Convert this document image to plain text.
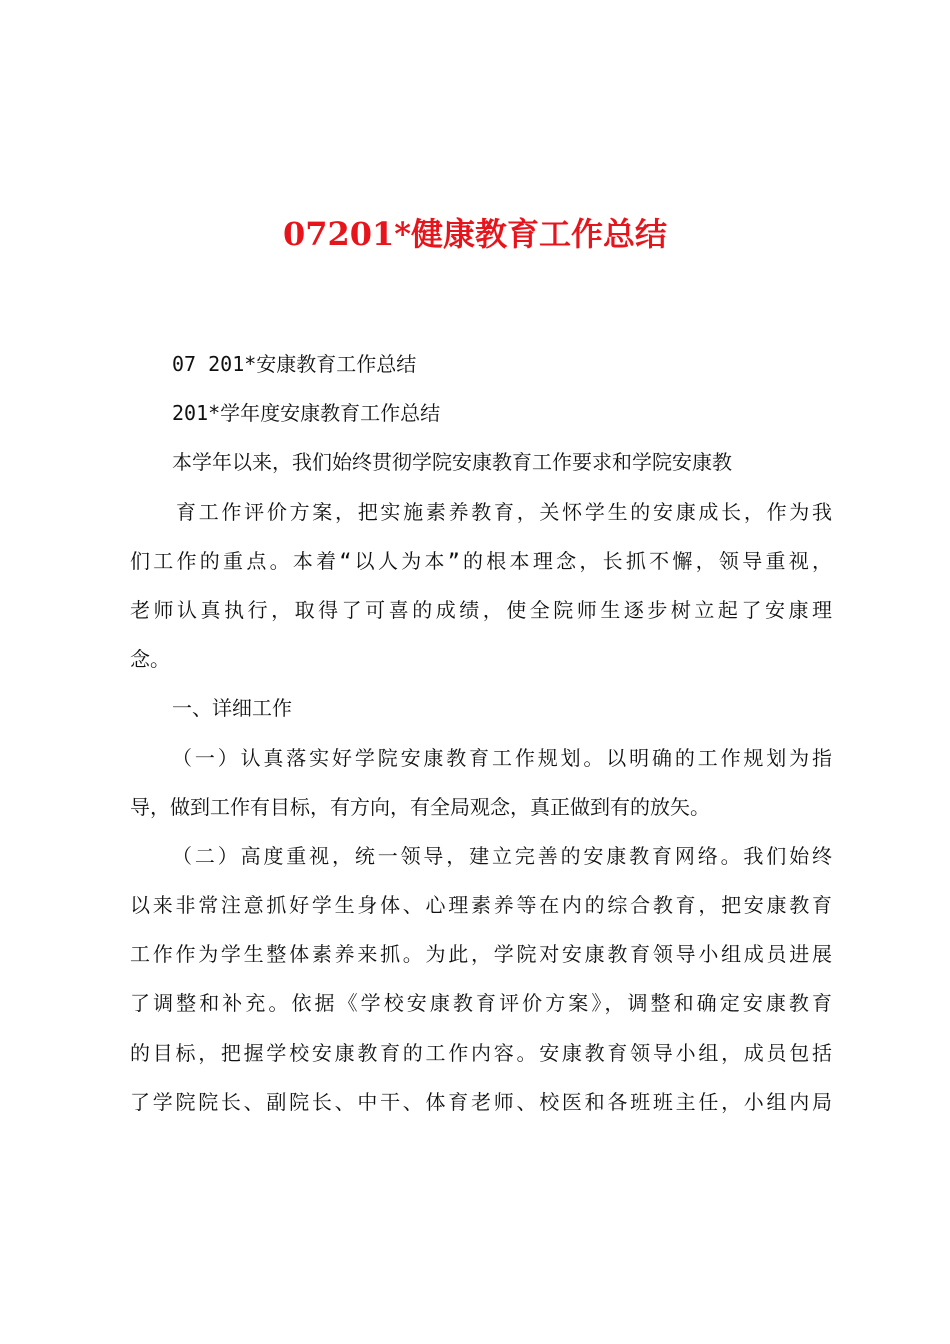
07201*健康教育工作总结
07 201*安康教育工作总结
201*学年度安康教育工作总结
本学年以来，我们始终贯彻学院安康教育工作要求和学院安康教
育工作评价方案，把实施素养教育，关怀学生的安康成长，作为我
们工作的重点。本着“以人为本”的根本理念，长抓不懈，领导重视，
老师认真执行，取得了可喜的成绩，使全院师生逐步树立起了安康理
念。
一、详细工作
（一）认真落实好学院安康教育工作规划。以明确的工作规划为指
导，做到工作有目标，有方向，有全局观念，真正做到有的放矢。
（二）高度重视，统一领导，建立完善的安康教育网络。我们始终
以来非常注意抓好学生身体、心理素养等在内的综合教育，把安康教育
工作作为学生整体素养来抓。为此，学院对安康教育领导小组成员进展
了调整和补充。依据《学校安康教育评价方案》，调整和确定安康教育
的目标，把握学校安康教育的工作内容。安康教育领导小组，成员包括
了学院院长、副院长、中干、体育老师、校医和各班班主任，小组内局
